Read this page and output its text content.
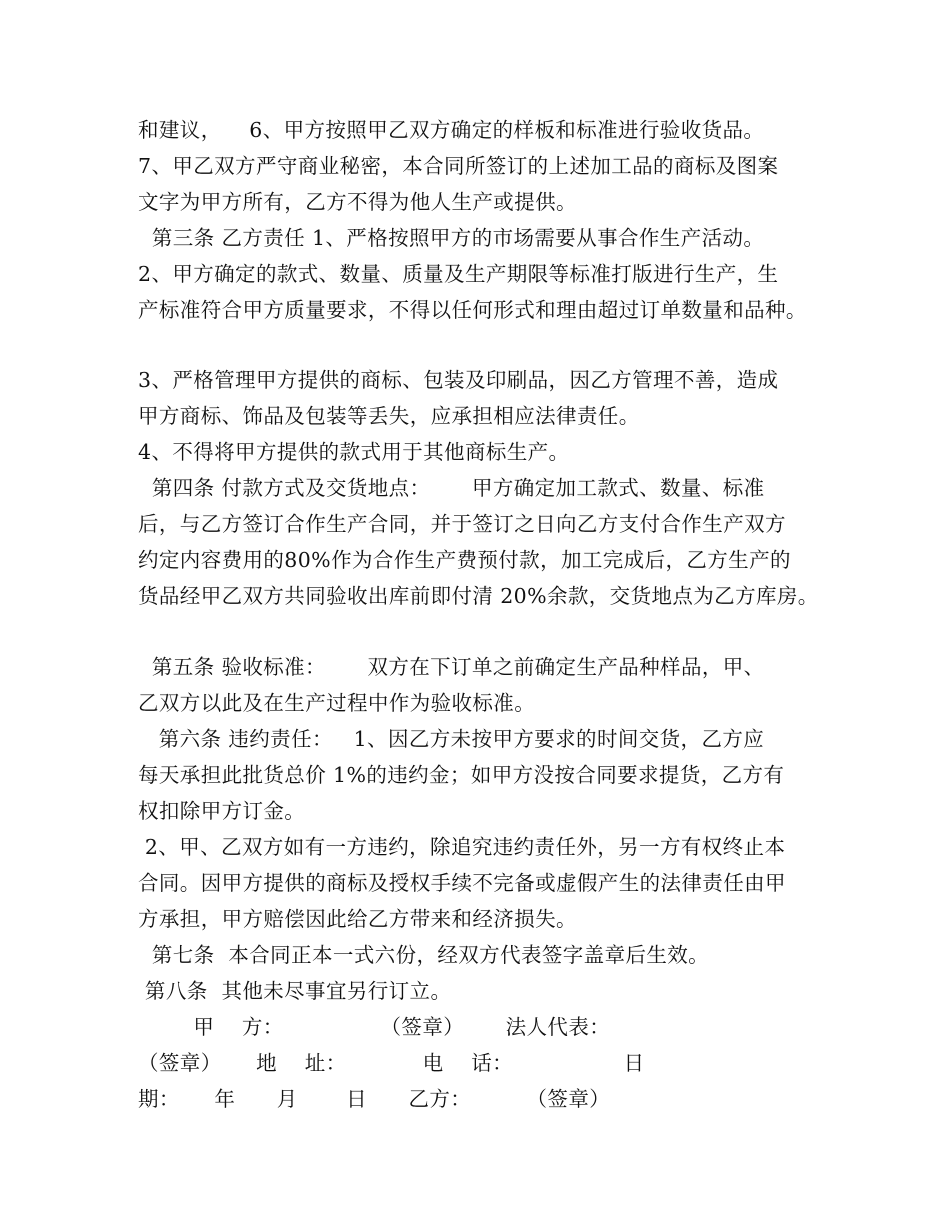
和建议，    6、甲方按照甲乙双方确定的样板和标准进行验收货品。
7、甲乙双方严守商业秘密，本合同所签订的上述加工品的商标及图案
文字为甲方所有，乙方不得为他人生产或提供。
第三条 乙方责任 1、严格按照甲方的市场需要从事合作生产活动。
2、甲方确定的款式、数量、质量及生产期限等标准打版进行生产，生
产标准符合甲方质量要求，不得以任何形式和理由超过订单数量和品种。
3、严格管理甲方提供的商标、包装及印刷品，因乙方管理不善，造成
甲方商标、饰品及包装等丢失，应承担相应法律责任。
4、不得将甲方提供的款式用于其他商标生产。
第四条 付款方式及交货地点：      甲方确定加工款式、数量、标准
后，与乙方签订合作生产合同，并于签订之日向乙方支付合作生产双方
约定内容费用的80%作为合作生产费预付款，加工完成后，乙方生产的
货品经甲乙双方共同验收出库前即付清 20%余款，交货地点为乙方库房。
第五条 验收标准：      双方在下订单之前确定生产品种样品，甲、
乙双方以此及在生产过程中作为验收标准。
第六条 违约责任：   1、因乙方未按甲方要求的时间交货，乙方应
每天承担此批货总价 1%的违约金；如甲方没按合同要求提货，乙方有
权扣除甲方订金。
2、甲、乙双方如有一方违约，除追究违约责任外，另一方有权终止本
合同。因甲方提供的商标及授权手续不完备或虚假产生的法律责任由甲
方承担，甲方赔偿因此给乙方带来和经济损失。
第七条  本合同正本一式六份，经双方代表签字盖章后生效。
第八条  其他未尽事宜另行订立。
甲    方：              （签章）      法人代表：
（签章）     地    址：           电    话：                日
期：     年      月       日      乙方：        （签章）
